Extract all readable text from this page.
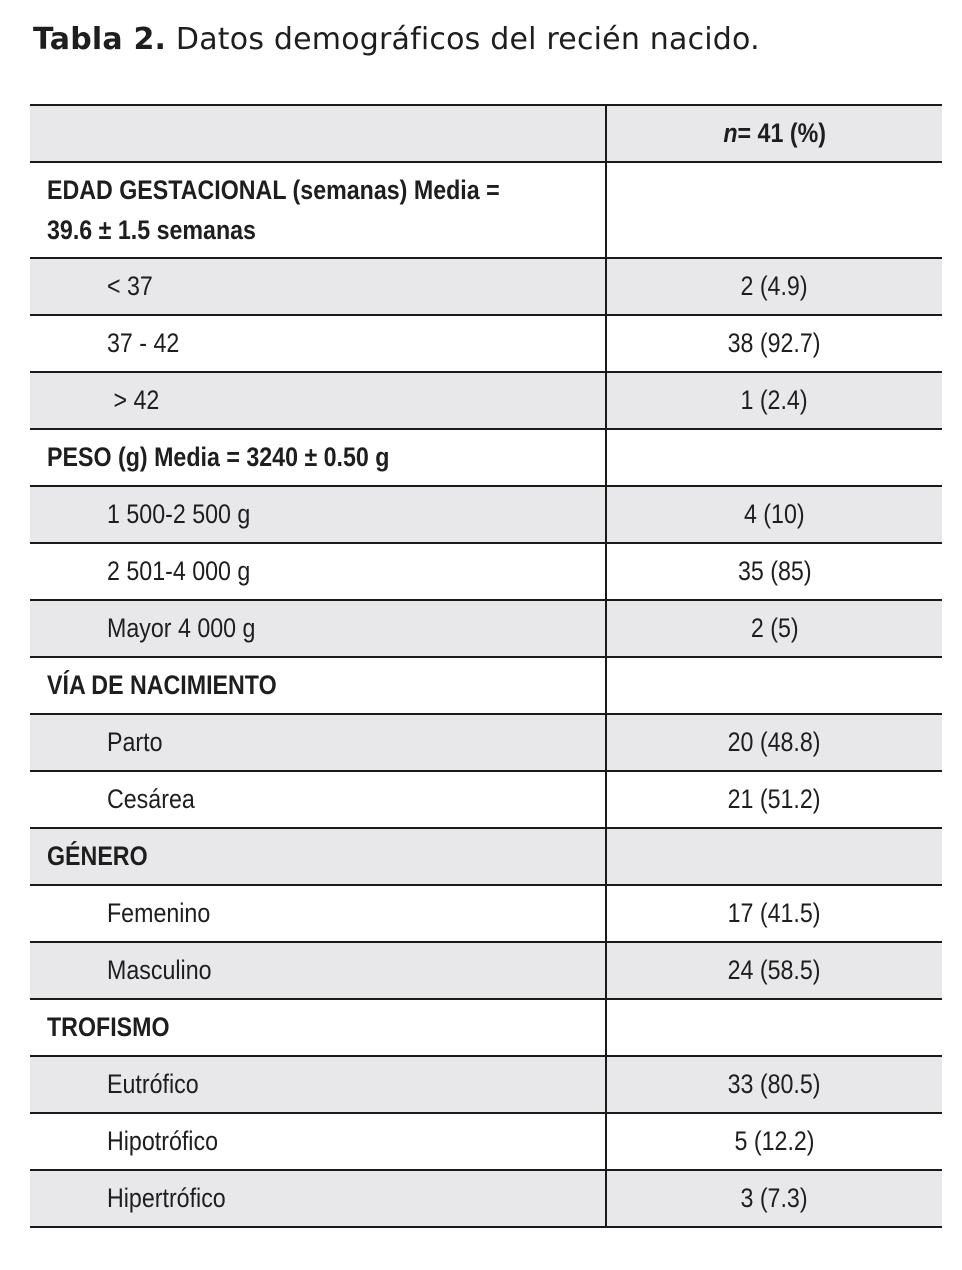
Tabla 2. Datos demográficos del recién nacido.
	n= 41 (%)
EDAD GESTACIONAL (semanas) Media =
39.6 ± 1.5 semanas	
< 37	2 (4.9)
37 - 42	38 (92.7)
> 42	1 (2.4)
PESO (g) Media = 3240 ± 0.50 g	
1 500-2 500 g	4 (10)
2 501-4 000 g	35 (85)
Mayor 4 000 g	2 (5)
VÍA DE NACIMIENTO	
Parto	20 (48.8)
Cesárea	21 (51.2)
GÉNERO	
Femenino	17 (41.5)
Masculino	24 (58.5)
TROFISMO	
Eutrófico	33 (80.5)
Hipotrófico	5 (12.2)
Hipertrófico	3 (7.3)
